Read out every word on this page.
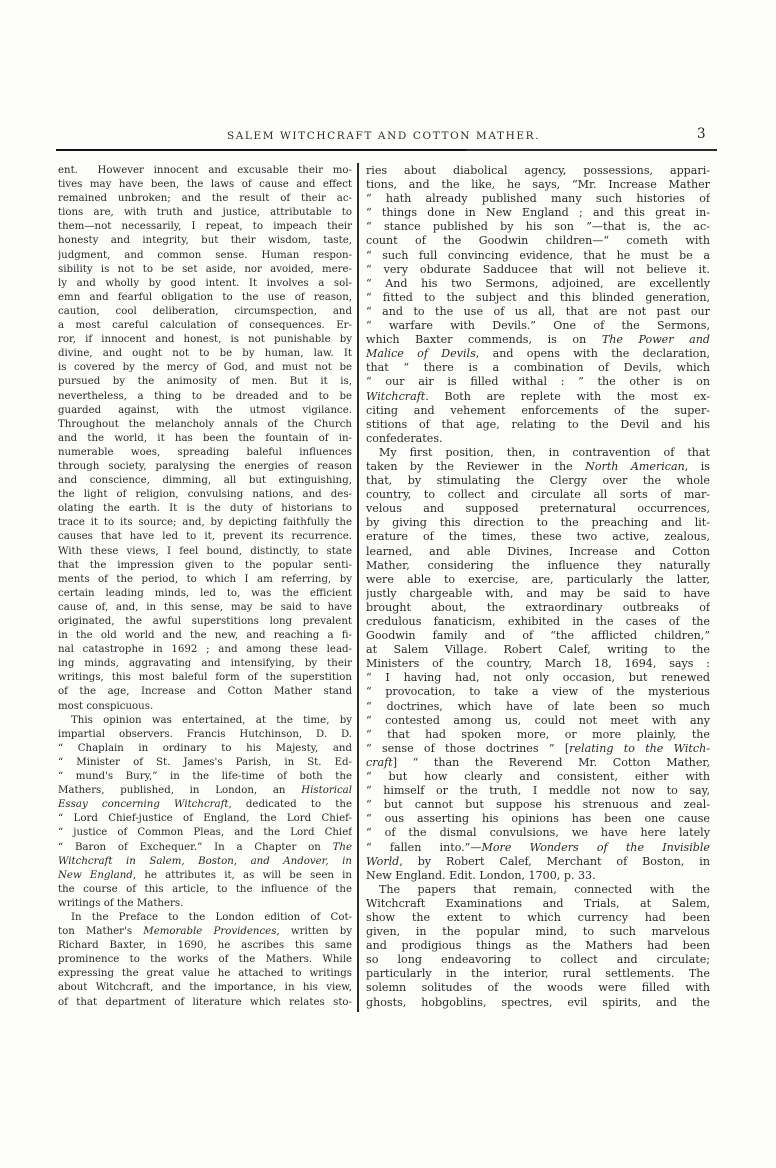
SALEM WITCHCRAFT AND COTTON MATHER.	3
ent.  However innocent and excusable their mo-
tives may have been, the laws of cause and effect
remained unbroken; and the result of their ac-
tions are, with truth and justice, attributable to
them—not necessarily, I repeat, to impeach their
honesty and integrity, but their wisdom, taste,
judgment, and common sense. Human respon-
sibility is not to be set aside, nor avoided, mere-
ly and wholly by good intent. It involves a sol-
emn and fearful obligation to the use of reason,
caution, cool deliberation, circumspection, and
a most careful calculation of consequences. Er-
ror, if innocent and honest, is not punishable by
divine, and ought not to be by human, law. It
is covered by the mercy of God, and must not be
pursued by the animosity of men. But it is,
nevertheless, a thing to be dreaded and to be
guarded against, with the utmost vigilance.
Throughout the melancholy annals of the Church
and the world, it has been the fountain of in-
numerable woes, spreading baleful influences
through society, paralysing the energies of reason
and conscience, dimming, all but extinguishing,
the light of religion, convulsing nations, and des-
olating the earth. It is the duty of historians to
trace it to its source; and, by depicting faithfully the
causes that have led to it, prevent its recurrence.
With these views, I feel bound, distinctly, to state
that the impression given to the popular senti-
ments of the period, to which I am referring, by
certain leading minds, led to, was the efficient
cause of, and, in this sense, may be said to have
originated, the awful superstitions long prevalent
in the old world and the new, and reaching a fi-
nal catastrophe in 1692 ; and among these lead-
ing minds, aggravating and intensifying, by their
writings, this most baleful form of the superstition
of the age, Increase and Cotton Mather stand
most conspicuous.
This opinion was entertained, at the time, by
impartial observers. Francis Hutchinson, D. D.
“ Chaplain in ordinary to his Majesty, and
“ Minister of St. James's Parish, in St. Ed-
“ mund's Bury,” in the life-time of both the
Mathers, published, in London, an Historical
Essay concerning Witchcraft, dedicated to the
“ Lord Chief-justice of England, the Lord Chief-
“ justice of Common Pleas, and the Lord Chief
“ Baron of Exchequer.” In a Chapter on The
Witchcraft in Salem, Boston, and Andover, in
New England, he attributes it, as will be seen in
the course of this article, to the influence of the
writings of the Mathers.
In the Preface to the London edition of Cot-
ton Mather's Memorable Providences, written by
Richard Baxter, in 1690, he ascribes this same
prominence to the works of the Mathers. While
expressing the great value he attached to writings
about Witchcraft, and the importance, in his view,
of that department of literature which relates sto-
ries about diabolical agency, possessions, appari-
tions, and the like, he says, “Mr. Increase Mather
“ hath already published many such histories of
“ things done in New England ; and this great in-
“ stance published by his son ”—that is, the ac-
count of the Goodwin children—“ cometh with
“ such full convincing evidence, that he must be a
“ very obdurate Sadducee that will not believe it.
“ And his two Sermons, adjoined, are excellently
“ fitted to the subject and this blinded generation,
“ and to the use of us all, that are not past our
“ warfare with Devils.” One of the Sermons,
which Baxter commends, is on The Power and
Malice of Devils, and opens with the declaration,
that “ there is a combination of Devils, which
“ our air is filled withal : ” the other is on
Witchcraft. Both are replete with the most ex-
citing and vehement enforcements of the super-
stitions of that age, relating to the Devil and his
confederates.
My first position, then, in contravention of that
taken by the Reviewer in the North American, is
that, by stimulating the Clergy over the whole
country, to collect and circulate all sorts of mar-
velous and supposed preternatural occurrences,
by giving this direction to the preaching and lit-
erature of the times, these two active, zealous,
learned, and able Divines, Increase and Cotton
Mather, considering the influence they naturally
were able to exercise, are, particularly the latter,
justly chargeable with, and may be said to have
brought about, the extraordinary outbreaks of
credulous fanaticism, exhibited in the cases of the
Goodwin family and of “the afflicted children,”
at Salem Village. Robert Calef, writing to the
Ministers of the country, March 18, 1694, says :
“ I having had, not only occasion, but renewed
“ provocation, to take a view of the mysterious
“ doctrines, which have of late been so much
“ contested among us, could not meet with any
“ that had spoken more, or more plainly, the
“ sense of those doctrines ” [relating to the Witch-
craft] “ than the Reverend Mr. Cotton Mather,
“ but how clearly and consistent, either with
“ himself or the truth, I meddle not now to say,
“ but cannot but suppose his strenuous and zeal-
“ ous asserting his opinions has been one cause
“ of the dismal convulsions, we have here lately
“ fallen into.”—More Wonders of the Invisible
World, by Robert Calef, Merchant of Boston, in
New England. Edit. London, 1700, p. 33.
The papers that remain, connected with the
Witchcraft Examinations and Trials, at Salem,
show the extent to which currency had been
given, in the popular mind, to such marvelous
and prodigious things as the Mathers had been
so long endeavoring to collect and circulate;
particularly in the interior, rural settlements. The
solemn solitudes of the woods were filled with
ghosts, hobgoblins, spectres, evil spirits, and the
